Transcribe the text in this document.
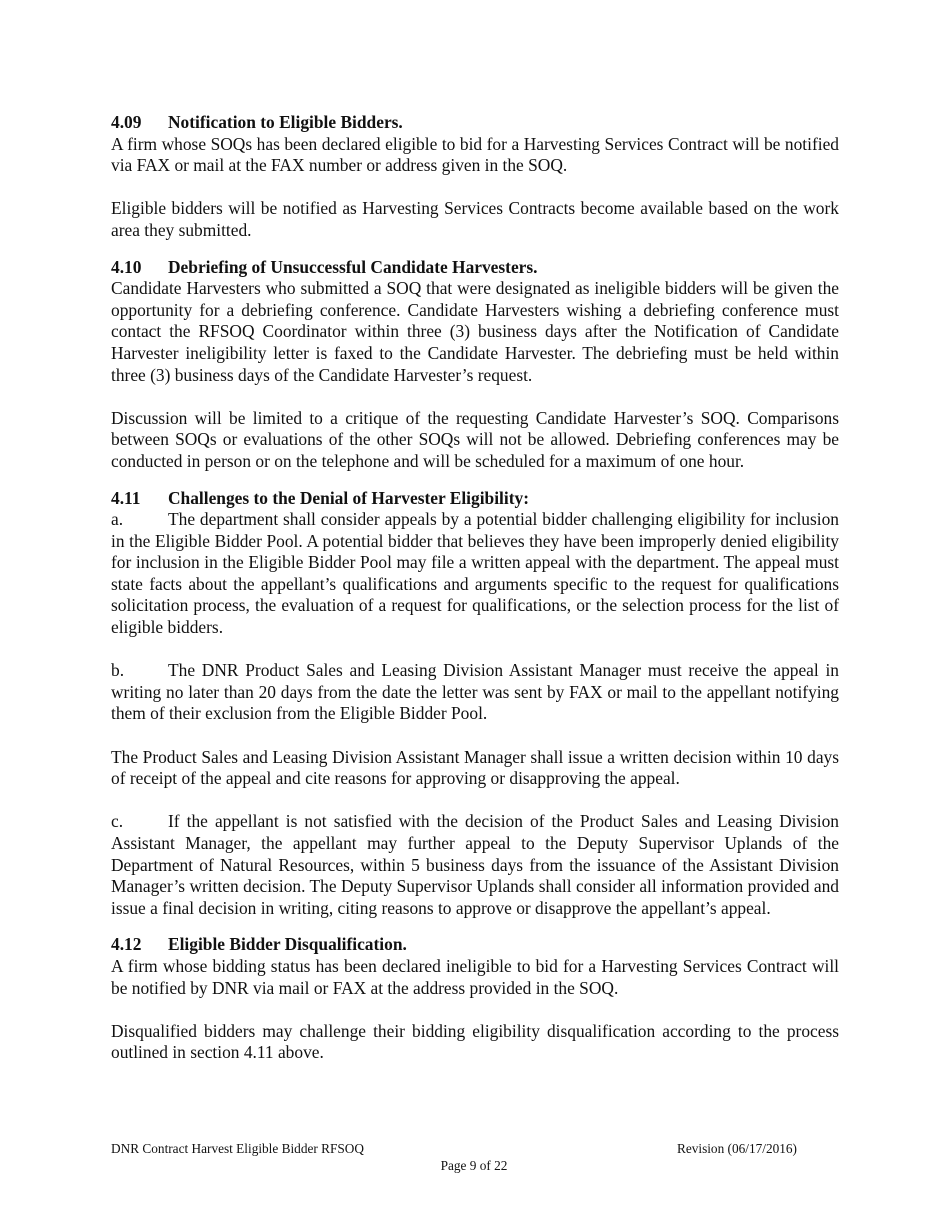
4.09 Notification to Eligible Bidders.

A firm whose SOQs has been declared eligible to bid for a Harvesting Services Contract will be notified via FAX or mail at the FAX number or address given in the SOQ.

Eligible bidders will be notified as Harvesting Services Contracts become available based on the work area they submitted.

4.10 Debriefing of Unsuccessful Candidate Harvesters.

Candidate Harvesters who submitted a SOQ that were designated as ineligible bidders will be given the opportunity for a debriefing conference. Candidate Harvesters wishing a debriefing conference must contact the RFSOQ Coordinator within three (3) business days after the Notification of Candidate Harvester ineligibility letter is faxed to the Candidate Harvester. The debriefing must be held within three (3) business days of the Candidate Harvester’s request.

Discussion will be limited to a critique of the requesting Candidate Harvester’s SOQ. Comparisons between SOQs or evaluations of the other SOQs will not be allowed. Debriefing conferences may be conducted in person or on the telephone and will be scheduled for a maximum of one hour.

4.11 Challenges to the Denial of Harvester Eligibility:

a.	The department shall consider appeals by a potential bidder challenging eligibility for inclusion in the Eligible Bidder Pool. A potential bidder that believes they have been improperly denied eligibility for inclusion in the Eligible Bidder Pool may file a written appeal with the department. The appeal must state facts about the appellant’s qualifications and arguments specific to the request for qualifications solicitation process, the evaluation of a request for qualifications, or the selection process for the list of eligible bidders.

b.	The DNR Product Sales and Leasing Division Assistant Manager must receive the appeal in writing no later than 20 days from the date the letter was sent by FAX or mail to the appellant notifying them of their exclusion from the Eligible Bidder Pool.

The Product Sales and Leasing Division Assistant Manager shall issue a written decision within 10 days of receipt of the appeal and cite reasons for approving or disapproving the appeal.

c.	If the appellant is not satisfied with the decision of the Product Sales and Leasing Division Assistant Manager, the appellant may further appeal to the Deputy Supervisor Uplands of the Department of Natural Resources, within 5 business days from the issuance of the Assistant Division Manager’s written decision. The Deputy Supervisor Uplands shall consider all information provided and issue a final decision in writing, citing reasons to approve or disapprove the appellant’s appeal.

4.12 Eligible Bidder Disqualification.

A firm whose bidding status has been declared ineligible to bid for a Harvesting Services Contract will be notified by DNR via mail or FAX at the address provided in the SOQ.

Disqualified bidders may challenge their bidding eligibility disqualification according to the process outlined in section 4.11 above.

DNR Contract Harvest Eligible Bidder RFSOQ	Revision (06/17/2016)
Page 9 of 22
